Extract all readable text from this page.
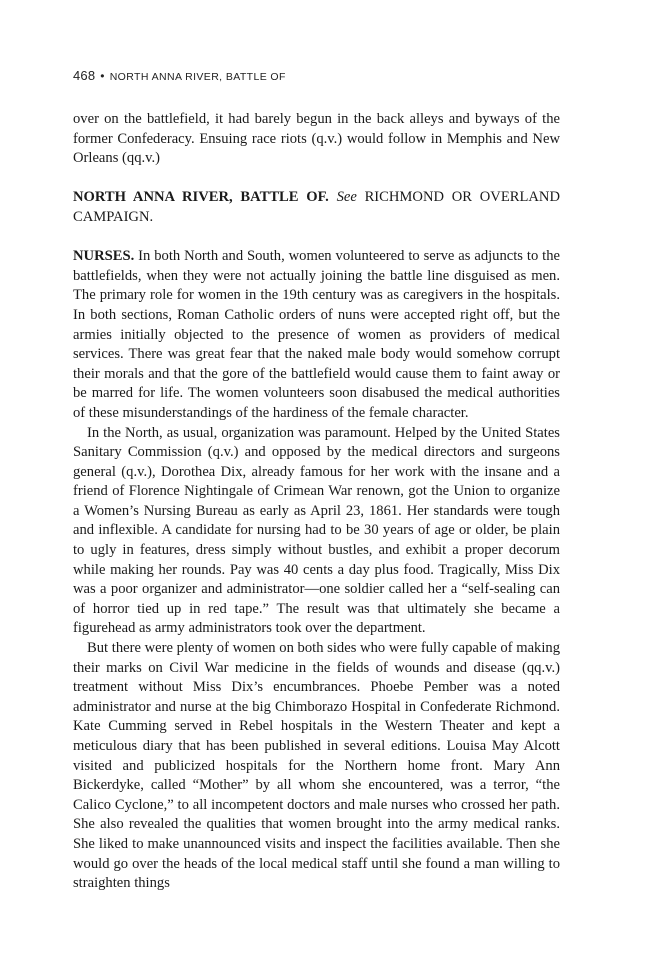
468 • NORTH ANNA RIVER, BATTLE OF

over on the battlefield, it had barely begun in the back alleys and byways of the former Confederacy. Ensuing race riots (q.v.) would follow in Memphis and New Orleans (qq.v.)

NORTH ANNA RIVER, BATTLE OF. See RICHMOND OR OVERLAND CAMPAIGN.

NURSES. In both North and South, women volunteered to serve as adjuncts to the battlefields, when they were not actually joining the battle line disguised as men. The primary role for women in the 19th century was as caregivers in the hospitals. In both sections, Roman Catholic orders of nuns were accepted right off, but the armies initially objected to the presence of women as providers of medical services. There was great fear that the naked male body would somehow corrupt their morals and that the gore of the battlefield would cause them to faint away or be marred for life. The women volunteers soon disabused the medical authorities of these misunderstandings of the hardiness of the female character.

In the North, as usual, organization was paramount. Helped by the United States Sanitary Commission (q.v.) and opposed by the medical directors and surgeons general (q.v.), Dorothea Dix, already famous for her work with the insane and a friend of Florence Nightingale of Crimean War renown, got the Union to organize a Women’s Nursing Bureau as early as April 23, 1861. Her standards were tough and inflexible. A candidate for nursing had to be 30 years of age or older, be plain to ugly in features, dress simply without bustles, and exhibit a proper decorum while making her rounds. Pay was 40 cents a day plus food. Tragically, Miss Dix was a poor organizer and administrator—one soldier called her a “self-sealing can of horror tied up in red tape.” The result was that ultimately she became a figurehead as army administrators took over the department.

But there were plenty of women on both sides who were fully capable of making their marks on Civil War medicine in the fields of wounds and disease (qq.v.) treatment without Miss Dix’s encumbrances. Phoebe Pember was a noted administrator and nurse at the big Chimborazo Hospital in Confederate Richmond. Kate Cumming served in Rebel hospitals in the Western Theater and kept a meticulous diary that has been published in several editions. Louisa May Alcott visited and publicized hospitals for the Northern home front. Mary Ann Bickerdyke, called “Mother” by all whom she encountered, was a terror, “the Calico Cyclone,” to all incompetent doctors and male nurses who crossed her path. She also revealed the qualities that women brought into the army medical ranks. She liked to make unannounced visits and inspect the facilities available. Then she would go over the heads of the local medical staff until she found a man willing to straighten things
